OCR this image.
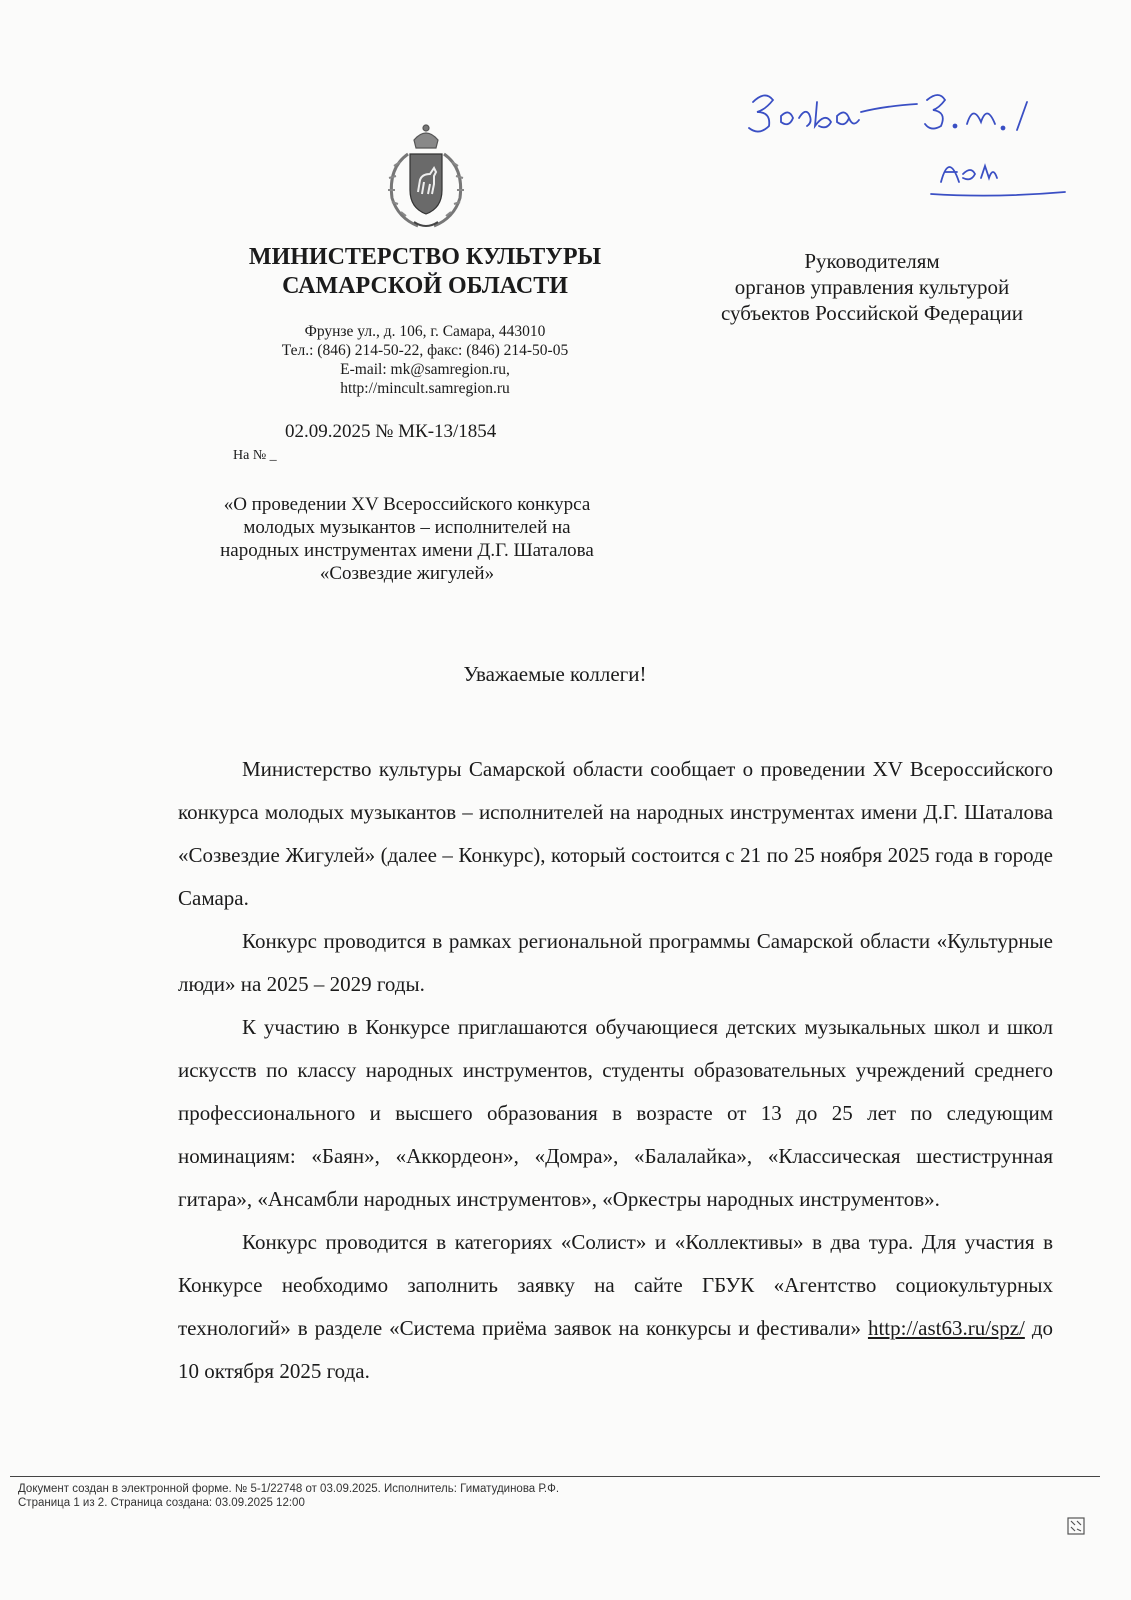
МИНИСТЕРСТВО КУЛЬТУРЫ
САМАРСКОЙ ОБЛАСТИ
Фрунзе ул., д. 106, г. Самара, 443010
Тел.: (846) 214-50-22, факс: (846) 214-50-05
E-mail: mk@samregion.ru,
http://mincult.samregion.ru
Руководителям
органов управления культурой
субъектов Российской Федерации
02.09.2025 № МК-13/1854
На № _
«О проведении XV Всероссийского конкурса
молодых музыкантов – исполнителей на
народных инструментах имени Д.Г. Шаталова
«Созвездие жигулей»
Уважаемые коллеги!

Министерство культуры Самарской области сообщает о проведении XV Всероссийского конкурса молодых музыкантов – исполнителей на народных инструментах имени Д.Г. Шаталова «Созвездие Жигулей» (далее – Конкурс), который состоится с 21 по 25 ноября 2025 года в городе Самара.

Конкурс проводится в рамках региональной программы Самарской области «Культурные люди» на 2025 – 2029 годы.

К участию в Конкурсе приглашаются обучающиеся детских музыкальных школ и школ искусств по классу народных инструментов, студенты образовательных учреждений среднего профессионального и высшего образования в возрасте от 13 до 25 лет по следующим номинациям: «Баян», «Аккордеон», «Домра», «Балалайка», «Классическая шестиструнная гитара», «Ансамбли народных инструментов», «Оркестры народных инструментов».

Конкурс проводится в категориях «Солист» и «Коллективы» в два тура. Для участия в Конкурсе необходимо заполнить заявку на сайте ГБУК «Агентство социокультурных технологий» в разделе «Система приёма заявок на конкурсы и фестивали» http://ast63.ru/spz/ до 10 октября 2025 года.

Документ создан в электронной форме. № 5-1/22748 от 03.09.2025. Исполнитель: Гиматудинова Р.Ф.
Страница 1 из 2. Страница создана: 03.09.2025 12:00
